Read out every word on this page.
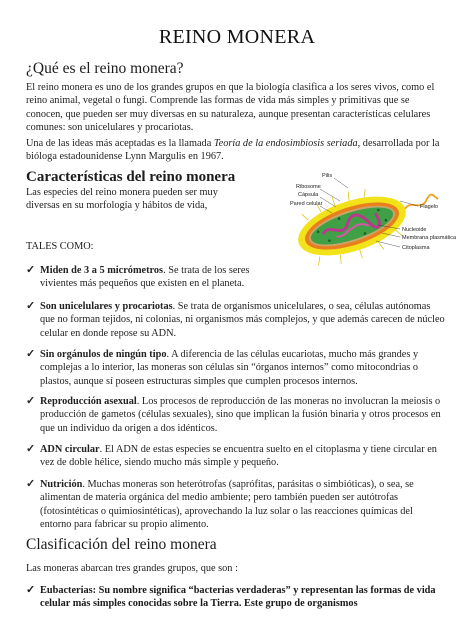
REINO MONERA
¿Qué es el reino monera?
El reino monera es uno de los grandes grupos en que la biología clasifica a los seres vivos, como el reino animal, vegetal o fungi. Comprende las formas de vida más simples y primitivas que se conocen, que pueden ser muy diversas en su naturaleza, aunque presentan características celulares comunes: son unicelulares y procariotas.
Una de las ideas más aceptadas es la llamada Teoría de la endosimbiosis seriada, desarrollada por la bióloga estadounidense Lynn Margulis en 1967.
Características del reino monera
Las especies del reino monera pueden ser muy diversas en su morfología y hábitos de vida,
Pilis
Ribosome
Cápsula
Pared celular	Flagelo
Nucleoide
Membrana plasmática
Citoplasma
TALES COMO:
✓ Miden de 3 a 5 micrómetros. Se trata de los seres vivientes más pequeños que existen en el planeta.
✓ Son unicelulares y procariotas. Se trata de organismos unicelulares, o sea, células autónomas que no forman tejidos, ni colonias, ni organismos más complejos, y que además carecen de núcleo celular en donde repose su ADN.
✓ Sin orgánulos de ningún tipo. A diferencia de las células eucariotas, mucho más grandes y complejas a lo interior, las moneras son células sin “órganos internos” como mitocondrias o plastos, aunque sí poseen estructuras simples que cumplen procesos internos.
✓ Reproducción asexual. Los procesos de reproducción de las moneras no involucran la meiosis o producción de gametos (células sexuales), sino que implican la fusión binaria y otros procesos en que un individuo da origen a dos idénticos.
✓ ADN circular. El ADN de estas especies se encuentra suelto en el citoplasma y tiene circular en vez de doble hélice, siendo mucho más simple y pequeño.
✓ Nutrición. Muchas moneras son heterótrofas (saprófitas, parásitas o simbióticas), o sea, se alimentan de materia orgánica del medio ambiente; pero también pueden ser autótrofas (fotosintéticas o quimiosintéticas), aprovechando la luz solar o las reacciones químicas del entorno para fabricar su propio alimento.
Clasificación del reino monera
Las moneras abarcan tres grandes grupos, que son :
✓ Eubacterias: Su nombre significa “bacterias verdaderas” y representan las formas de vida celular más simples conocidas sobre la Tierra. Este grupo de organismos
